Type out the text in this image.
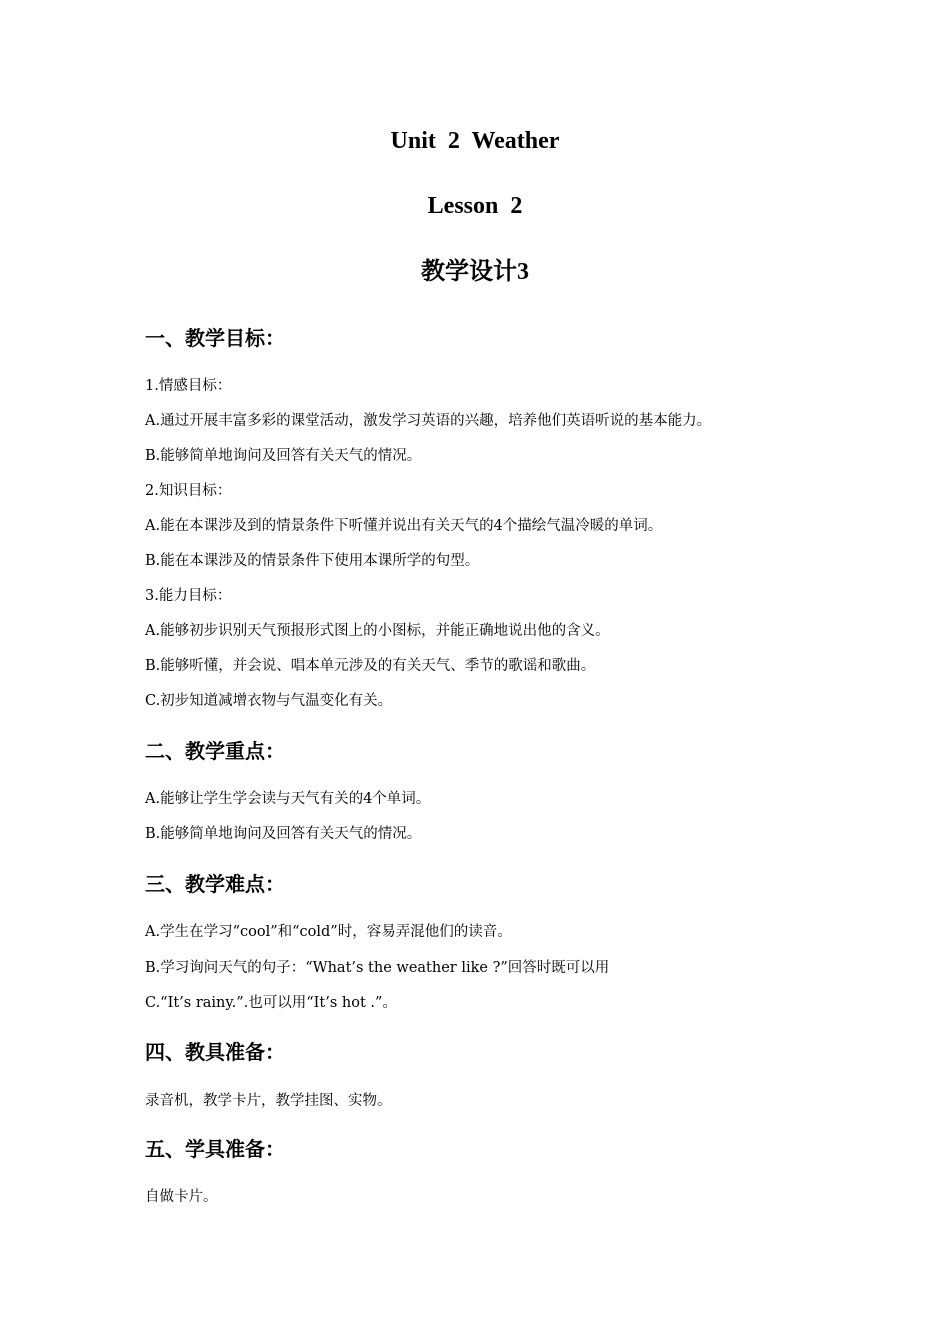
Unit  2  Weather
Lesson  2
教学设计3
一、教学目标：
1.情感目标：
A.通过开展丰富多彩的课堂活动，激发学习英语的兴趣，培养他们英语听说的基本能力。
B.能够简单地询问及回答有关天气的情况。
2.知识目标：
A.能在本课涉及到的情景条件下听懂并说出有关天气的4个描绘气温冷暖的单词。
B.能在本课涉及的情景条件下使用本课所学的句型。
3.能力目标：
A.能够初步识别天气预报形式图上的小图标，并能正确地说出他的含义。
B.能够听懂，并会说、唱本单元涉及的有关天气、季节的歌谣和歌曲。
C.初步知道减增衣物与气温变化有关。
二、教学重点：
A.能够让学生学会读与天气有关的4个单词。
B.能够简单地询问及回答有关天气的情况。
三、教学难点：
A.学生在学习“cool”和“cold”时，容易弄混他们的读音。
B.学习询问天气的句子：“What’s the weather like ?”回答时既可以用
C.“It’s rainy.”.也可以用“It’s hot .”。
四、教具准备：
录音机，教学卡片，教学挂图、实物。
五、学具准备：
自做卡片。
